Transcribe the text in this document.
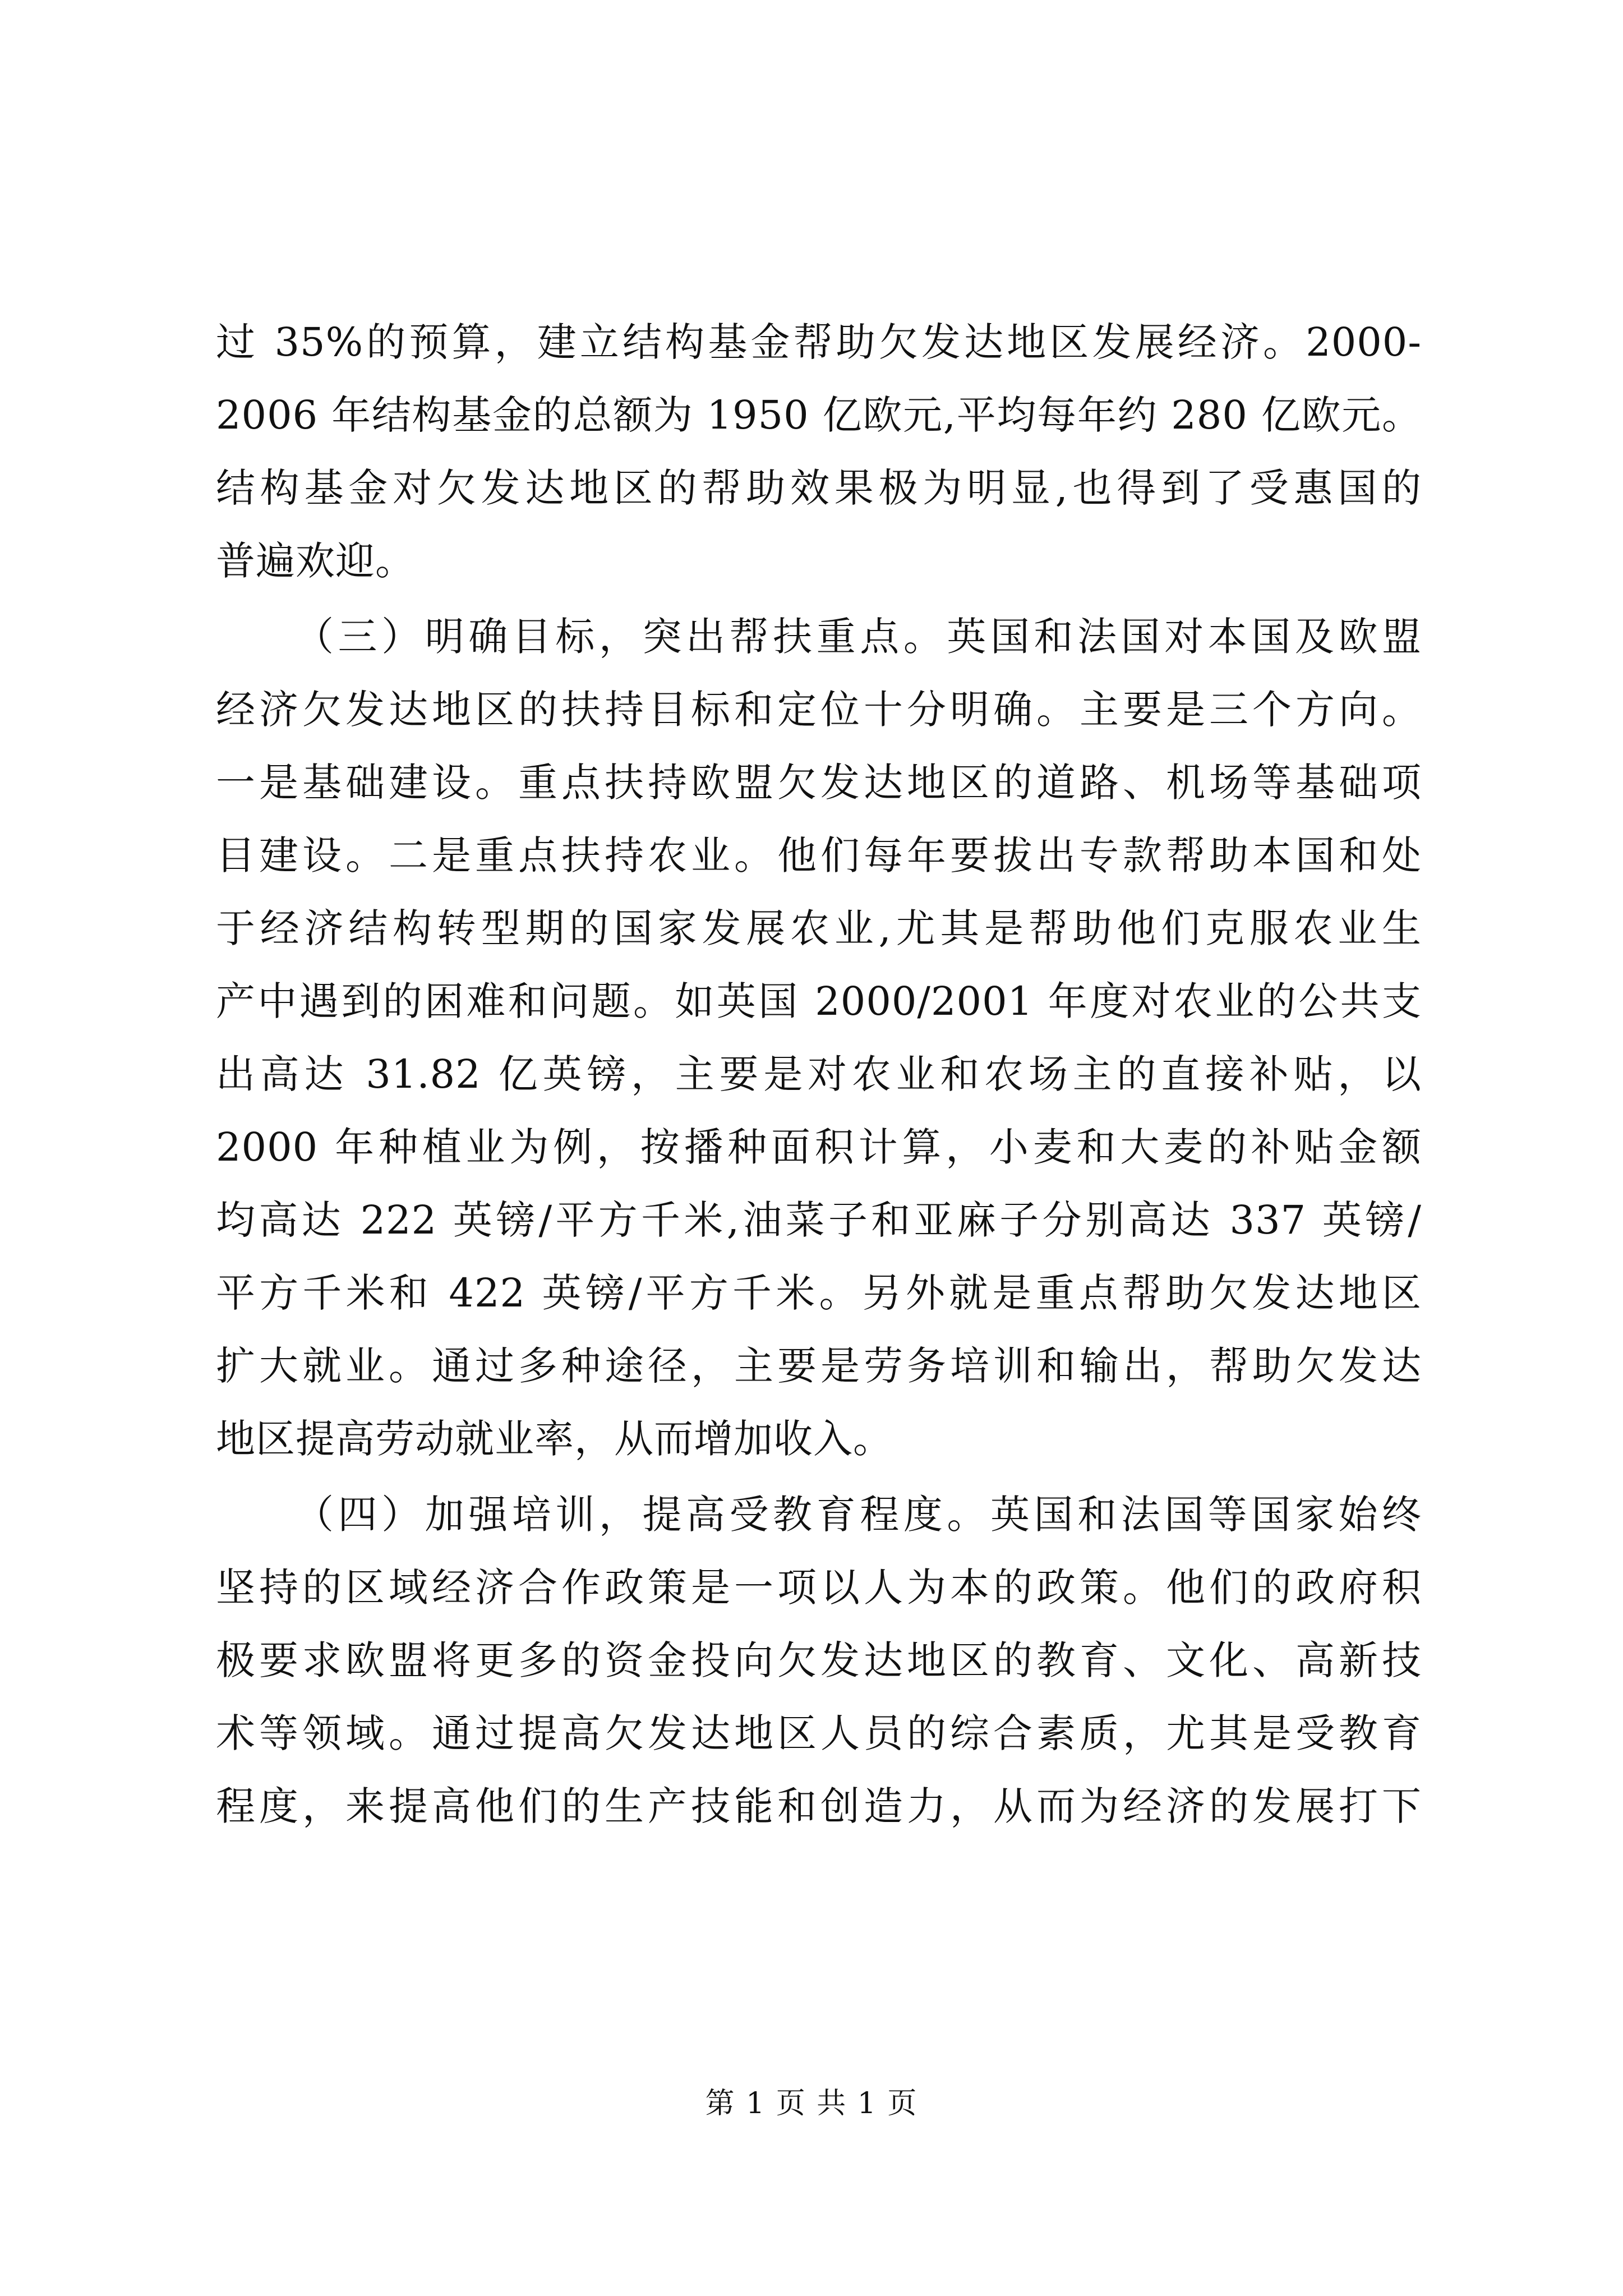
过 35%的预算，建立结构基金帮助欠发达地区发展经济。2000-
2006 年结构基金的总额为 1950 亿欧元,平均每年约 280 亿欧元。
结构基金对欠发达地区的帮助效果极为明显,也得到了受惠国的
普遍欢迎。
（三）明确目标，突出帮扶重点。英国和法国对本国及欧盟
经济欠发达地区的扶持目标和定位十分明确。主要是三个方向。
一是基础建设。重点扶持欧盟欠发达地区的道路、机场等基础项
目建设。二是重点扶持农业。他们每年要拔出专款帮助本国和处
于经济结构转型期的国家发展农业,尤其是帮助他们克服农业生
产中遇到的困难和问题。如英国 2000/2001 年度对农业的公共支
出高达 31.82 亿英镑，主要是对农业和农场主的直接补贴，以
2000 年种植业为例，按播种面积计算，小麦和大麦的补贴金额
均高达 222 英镑/平方千米,油菜子和亚麻子分别高达 337 英镑/
平方千米和 422 英镑/平方千米。另外就是重点帮助欠发达地区
扩大就业。通过多种途径，主要是劳务培训和输出，帮助欠发达
地区提高劳动就业率，从而增加收入。
（四）加强培训，提高受教育程度。英国和法国等国家始终
坚持的区域经济合作政策是一项以人为本的政策。他们的政府积
极要求欧盟将更多的资金投向欠发达地区的教育、文化、高新技
术等领域。通过提高欠发达地区人员的综合素质，尤其是受教育
程度，来提高他们的生产技能和创造力，从而为经济的发展打下
第 1 页 共 1 页
